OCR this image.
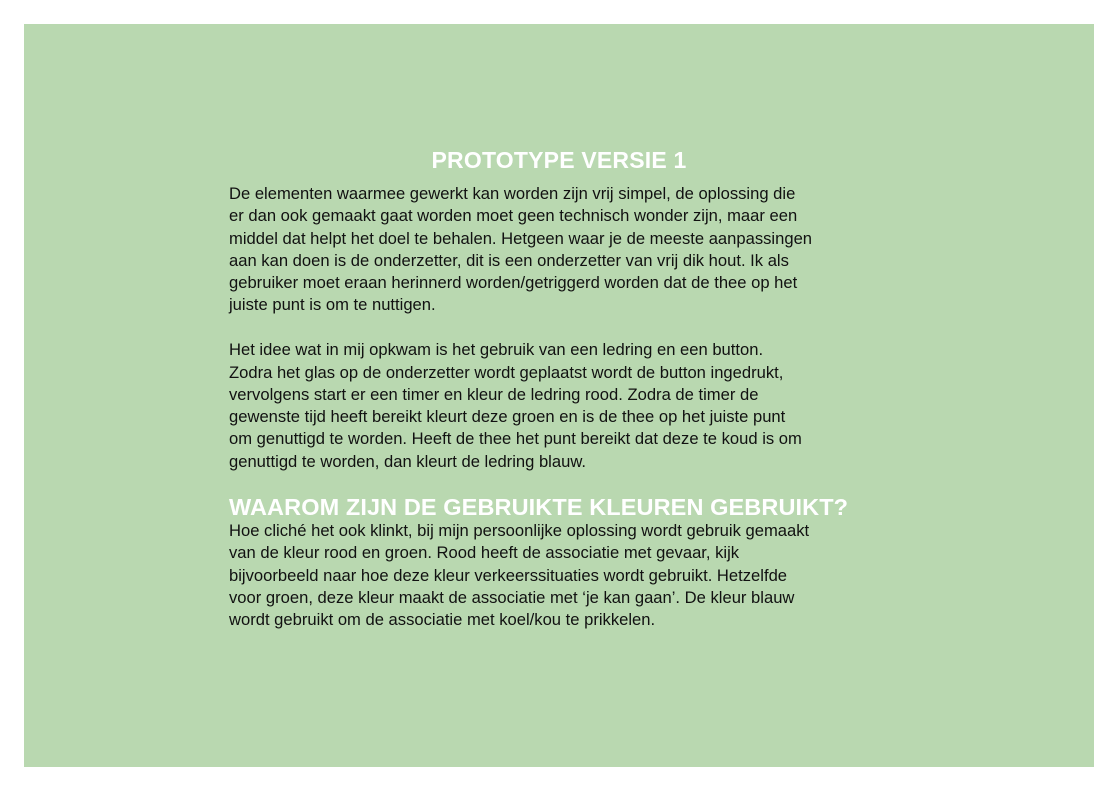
PROTOTYPE VERSIE 1

De elementen waarmee gewerkt kan worden zijn vrij simpel, de oplossing die
er dan ook gemaakt gaat worden moet geen technisch wonder zijn, maar een
middel dat helpt het doel te behalen. Hetgeen waar je de meeste aanpassingen
aan kan doen is de onderzetter, dit is een onderzetter van vrij dik hout. Ik als
gebruiker moet eraan herinnerd worden/getriggerd worden dat de thee op het
juiste punt is om te nuttigen.

Het idee wat in mij opkwam is het gebruik van een ledring en een button.
Zodra het glas op de onderzetter wordt geplaatst wordt de button ingedrukt,
vervolgens start er een timer en kleur de ledring rood. Zodra de timer de
gewenste tijd heeft bereikt kleurt deze groen en is de thee op het juiste punt
om genuttigd te worden. Heeft de thee het punt bereikt dat deze te koud is om
genuttigd te worden, dan kleurt de ledring blauw.

WAAROM ZIJN DE GEBRUIKTE KLEUREN GEBRUIKT?

Hoe cliché het ook klinkt, bij mijn persoonlijke oplossing wordt gebruik gemaakt
van de kleur rood en groen. Rood heeft de associatie met gevaar, kijk
bijvoorbeeld naar hoe deze kleur verkeerssituaties wordt gebruikt. Hetzelfde
voor groen, deze kleur maakt de associatie met ‘je kan gaan’. De kleur blauw
wordt gebruikt om de associatie met koel/kou te prikkelen.
